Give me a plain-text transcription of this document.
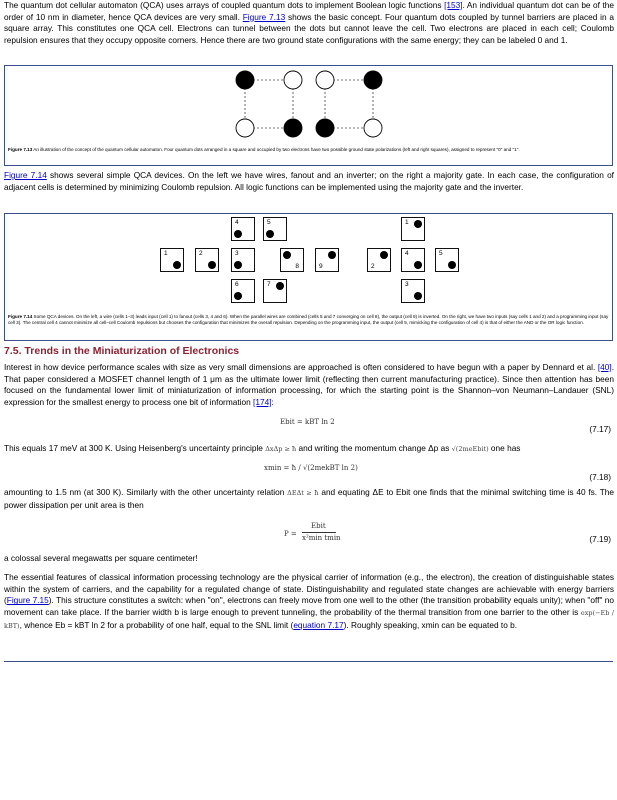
The quantum dot cellular automaton (QCA) uses arrays of coupled quantum dots to implement Boolean logic functions [153]. An individual quantum dot can be of the order of 10 nm in diameter, hence QCA devices are very small. Figure 7.13 shows the basic concept. Four quantum dots coupled by tunnel barriers are placed in a square array. This constitutes one QCA cell. Electrons can tunnel between the dots but cannot leave the cell. Two electrons are placed in each cell; Coulomb repulsion ensures that they occupy opposite corners. Hence there are two ground state configurations with the same energy; they can be labeled 0 and 1.

Figure 7.13 An illustration of the concept of the quantum cellular automaton. Four quantum dots arranged in a square and occupied by two electrons have two possible ground state polarizations (left and right squares), assigned to represent "0" and "1".

Figure 7.14 shows several simple QCA devices. On the left we have wires, fanout and an inverter; on the right a majority gate. In each case, the configuration of adjacent cells is determined by minimizing Coulomb repulsion. All logic functions can be implemented using the majority gate and the inverter.

4	5
1	2	3
8	9
6	7
1
2
4	5
3

Figure 7.14 Some QCA devices. On the left, a wire (cells 1–3) leads input (cell 1) to fanout (cells 3, 4 and 6). When the parallel wires are combined (cells 5 and 7 converging on cell 8), the output (cell 9) is inverted. On the right, we have two inputs (say cells 1 and 2) and a programming input (say cell 3). The central cell 4 cannot minimize all cell–cell Coulomb repulsions but chooses the configuration that minimizes the overall repulsion. Depending on the programming input, the output (cell 5, mimicking the configuration of cell 4) is that of either the AND or the OR logic function.

7.5. Trends in the Miniaturization of Electronics

Interest in how device performance scales with size as very small dimensions are approached is often considered to have begun with a paper by Dennard et al. [40]. That paper considered a MOSFET channel length of 1 μm as the ultimate lower limit (reflecting then current manufacturing practice). Since then attention has been focused on the fundamental lower limit of miniaturization of information processing, for which the starting point is the Shannon–von Neumann–Landauer (SNL) expression for the smallest energy to process one bit of information [174]:

Ebit = kBT ln 2
(7.17)

This equals 17 meV at 300 K. Using Heisenberg's uncertainty principle ΔxΔp ≥ ħ and writing the momentum change Δp as √(2meEbit) one has

xmin = ħ / √(2mekBT ln 2)
(7.18)

amounting to 1.5 nm (at 300 K). Similarly with the other uncertainty relation ΔEΔt ≥ ħ and equating ΔE to Ebit one finds that the minimal switching time is 40 fs. The power dissipation per unit area is then

P =
Ebit
x²min tmin	(7.19)

a colossal several megawatts per square centimeter!

The essential features of classical information processing technology are the physical carrier of information (e.g., the electron), the creation of distinguishable states within the system of carriers, and the capability for a regulated change of state. Distinguishability and regulated state changes are achievable with energy barriers (Figure 7.15). This structure constitutes a switch: when "on", electrons can freely move from one well to the other (the transition probability equals unity); when "off" no movement can take place. If the barrier width b is large enough to prevent tunneling, the probability of the thermal transition from one barrier to the other is exp(−Eb / kBT), whence Eb = kBT ln 2 for a probability of one half, equal to the SNL limit (equation 7.17). Roughly speaking, xmin can be equated to b.
